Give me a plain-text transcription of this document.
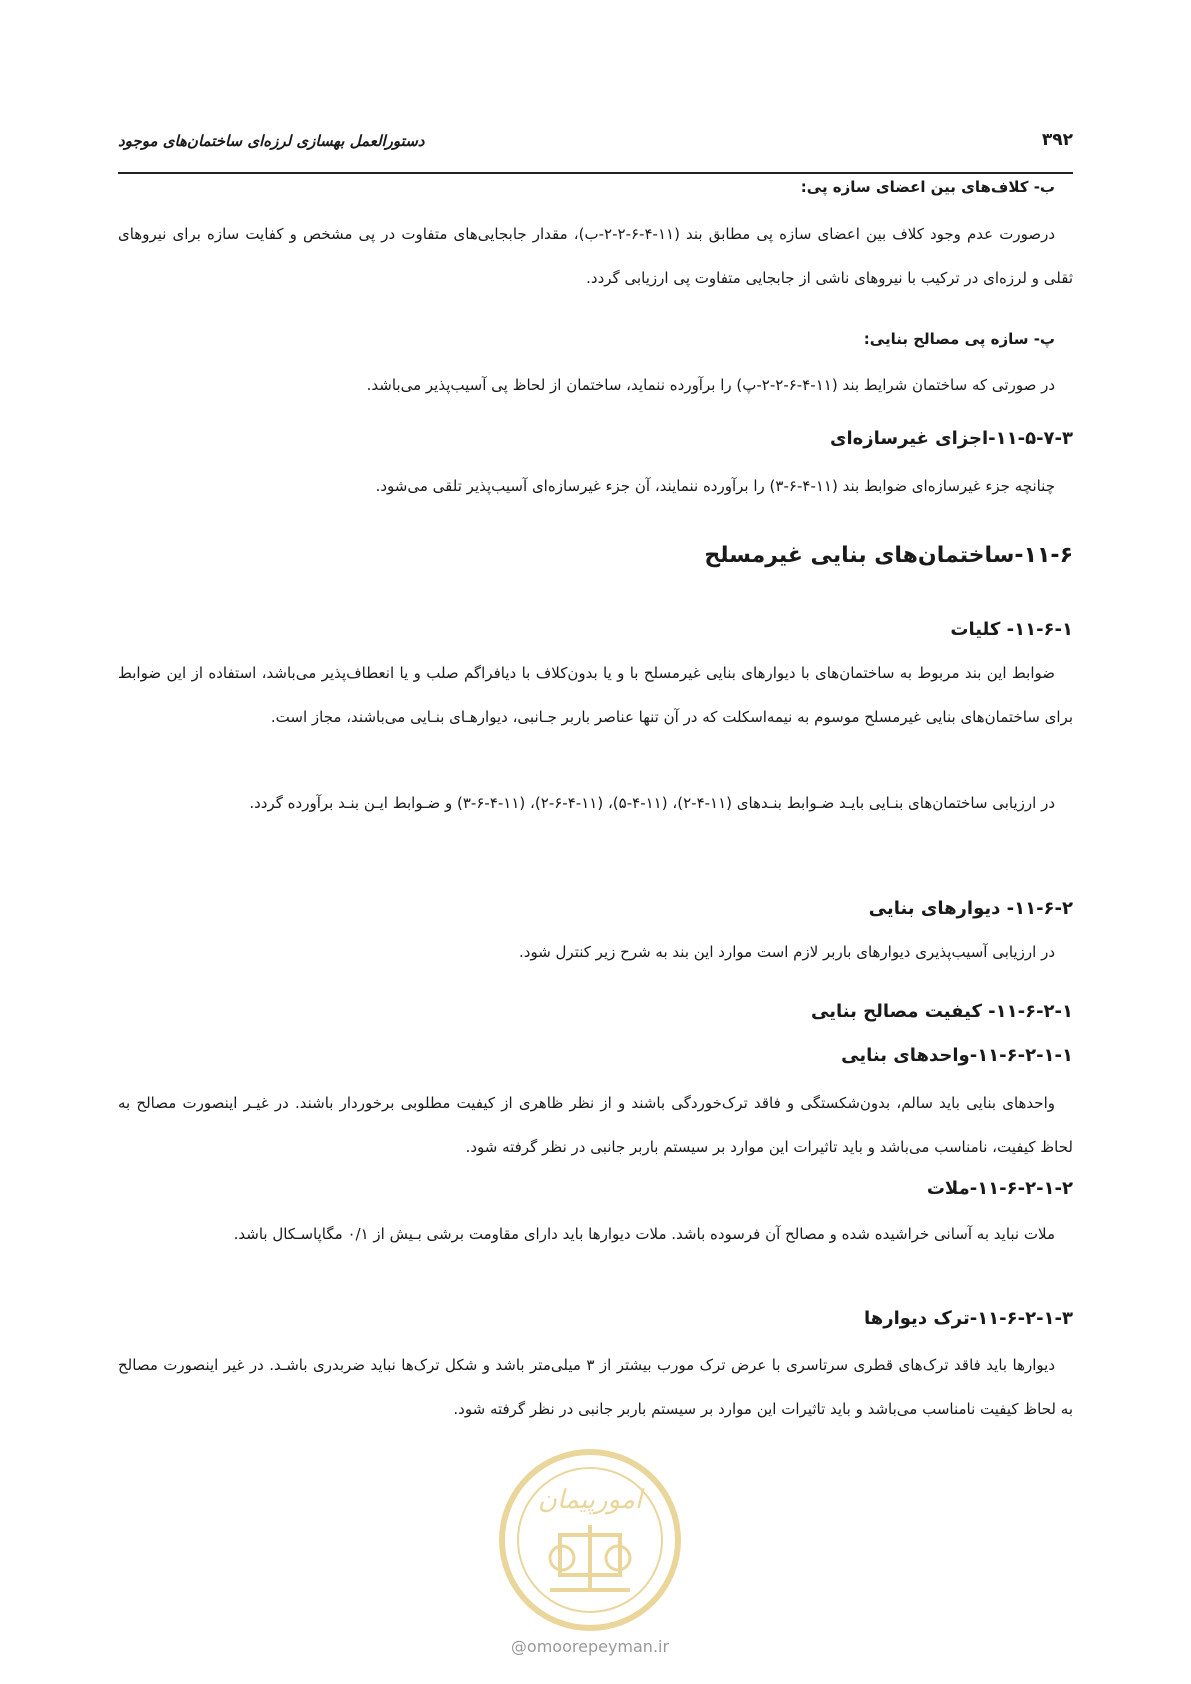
۳۹۲
دستورالعمل بهسازی لرزه‌ای ساختمان‌های موجود
ب- کلاف‌های بین اعضای سازه پی:
درصورت عدم وجود کلاف بین اعضای سازه پی مطابق بند (۱۱-۴-۶-۲-۲-ب)، مقدار جابجایی‌های متفاوت در پی مشخص و کفایت سازه برای نیروهای ثقلی و لرزه‌ای در ترکیب با نیروهای ناشی از جابجایی متفاوت پی ارزیابی گردد.
پ- سازه پی مصالح بنایی:
در صورتی که ساختمان شرایط بند (۱۱-۴-۶-۲-۲-پ) را برآورده ننماید، ساختمان از لحاظ پی آسیب‌پذیر می‌باشد.
۱۱-۵-۷-۳-اجزای غیرسازه‌ای
چنانچه جزء غیرسازه‌ای ضوابط بند (۱۱-۴-۶-۳) را برآورده ننمایند، آن جزء غیرسازه‌ای آسیب‌پذیر تلقی می‌شود.
۱۱-۶-ساختمان‌های بنایی غیرمسلح
۱۱-۶-۱- کلیات
ضوابط این بند مربوط به ساختمان‌های با دیوارهای بنایی غیرمسلح با و یا بدون‌کلاف با دیافراگم صلب و یا انعطاف‌پذیر می‌باشد، استفاده از این ضوابط برای ساختمان‌های بنایی غیرمسلح موسوم به نیمه‌اسکلت که در آن تنها عناصر باربر جـانبی، دیوارهـای بنـایی می‌باشند، مجاز است.
در ارزیابی ساختمان‌های بنـایی بایـد ضـوابط بنـدهای (۱۱-۴-۲)، (۱۱-۴-۵)، (۱۱-۴-۶-۲)، (۱۱-۴-۶-۳) و ضـوابط ایـن بنـد برآورده گردد.
۱۱-۶-۲- دیوارهای بنایی
در ارزیابی آسیب‌پذیری دیوارهای باربر لازم است موارد این بند به شرح زیر کنترل شود.
۱۱-۶-۲-۱- کیفیت مصالح بنایی
۱۱-۶-۲-۱-۱-واحدهای بنایی
واحدهای بنایی باید سالم، بدون‌شکستگی و فاقد ترک‌خوردگی باشند و از نظر ظاهری از کیفیت مطلوبی برخوردار باشند. در غیـر اینصورت مصالح به لحاظ کیفیت، نامناسب می‌باشد و باید تاثیرات این موارد بر سیستم باربر جانبی در نظر گرفته شود.
۱۱-۶-۲-۱-۲-ملات
ملات نباید به آسانی خراشیده شده و مصالح آن فرسوده باشد. ملات دیوارها باید دارای مقاومت برشی بـیش از ۰/۱ مگاپاسـکال باشد.
۱۱-۶-۲-۱-۳-ترک دیوارها
دیوارها باید فاقد ترک‌های قطری سرتاسری با عرض ترک مورب بیشتر از ۳ میلی‌متر باشد و شکل ترک‌ها نباید ضربدری باشـد. در غیر اینصورت مصالح به لحاظ کیفیت نامناسب می‌باشد و باید تاثیرات این موارد بر سیستم باربر جانبی در نظر گرفته شود.
امورپیمان
@omoorepeyman.ir
